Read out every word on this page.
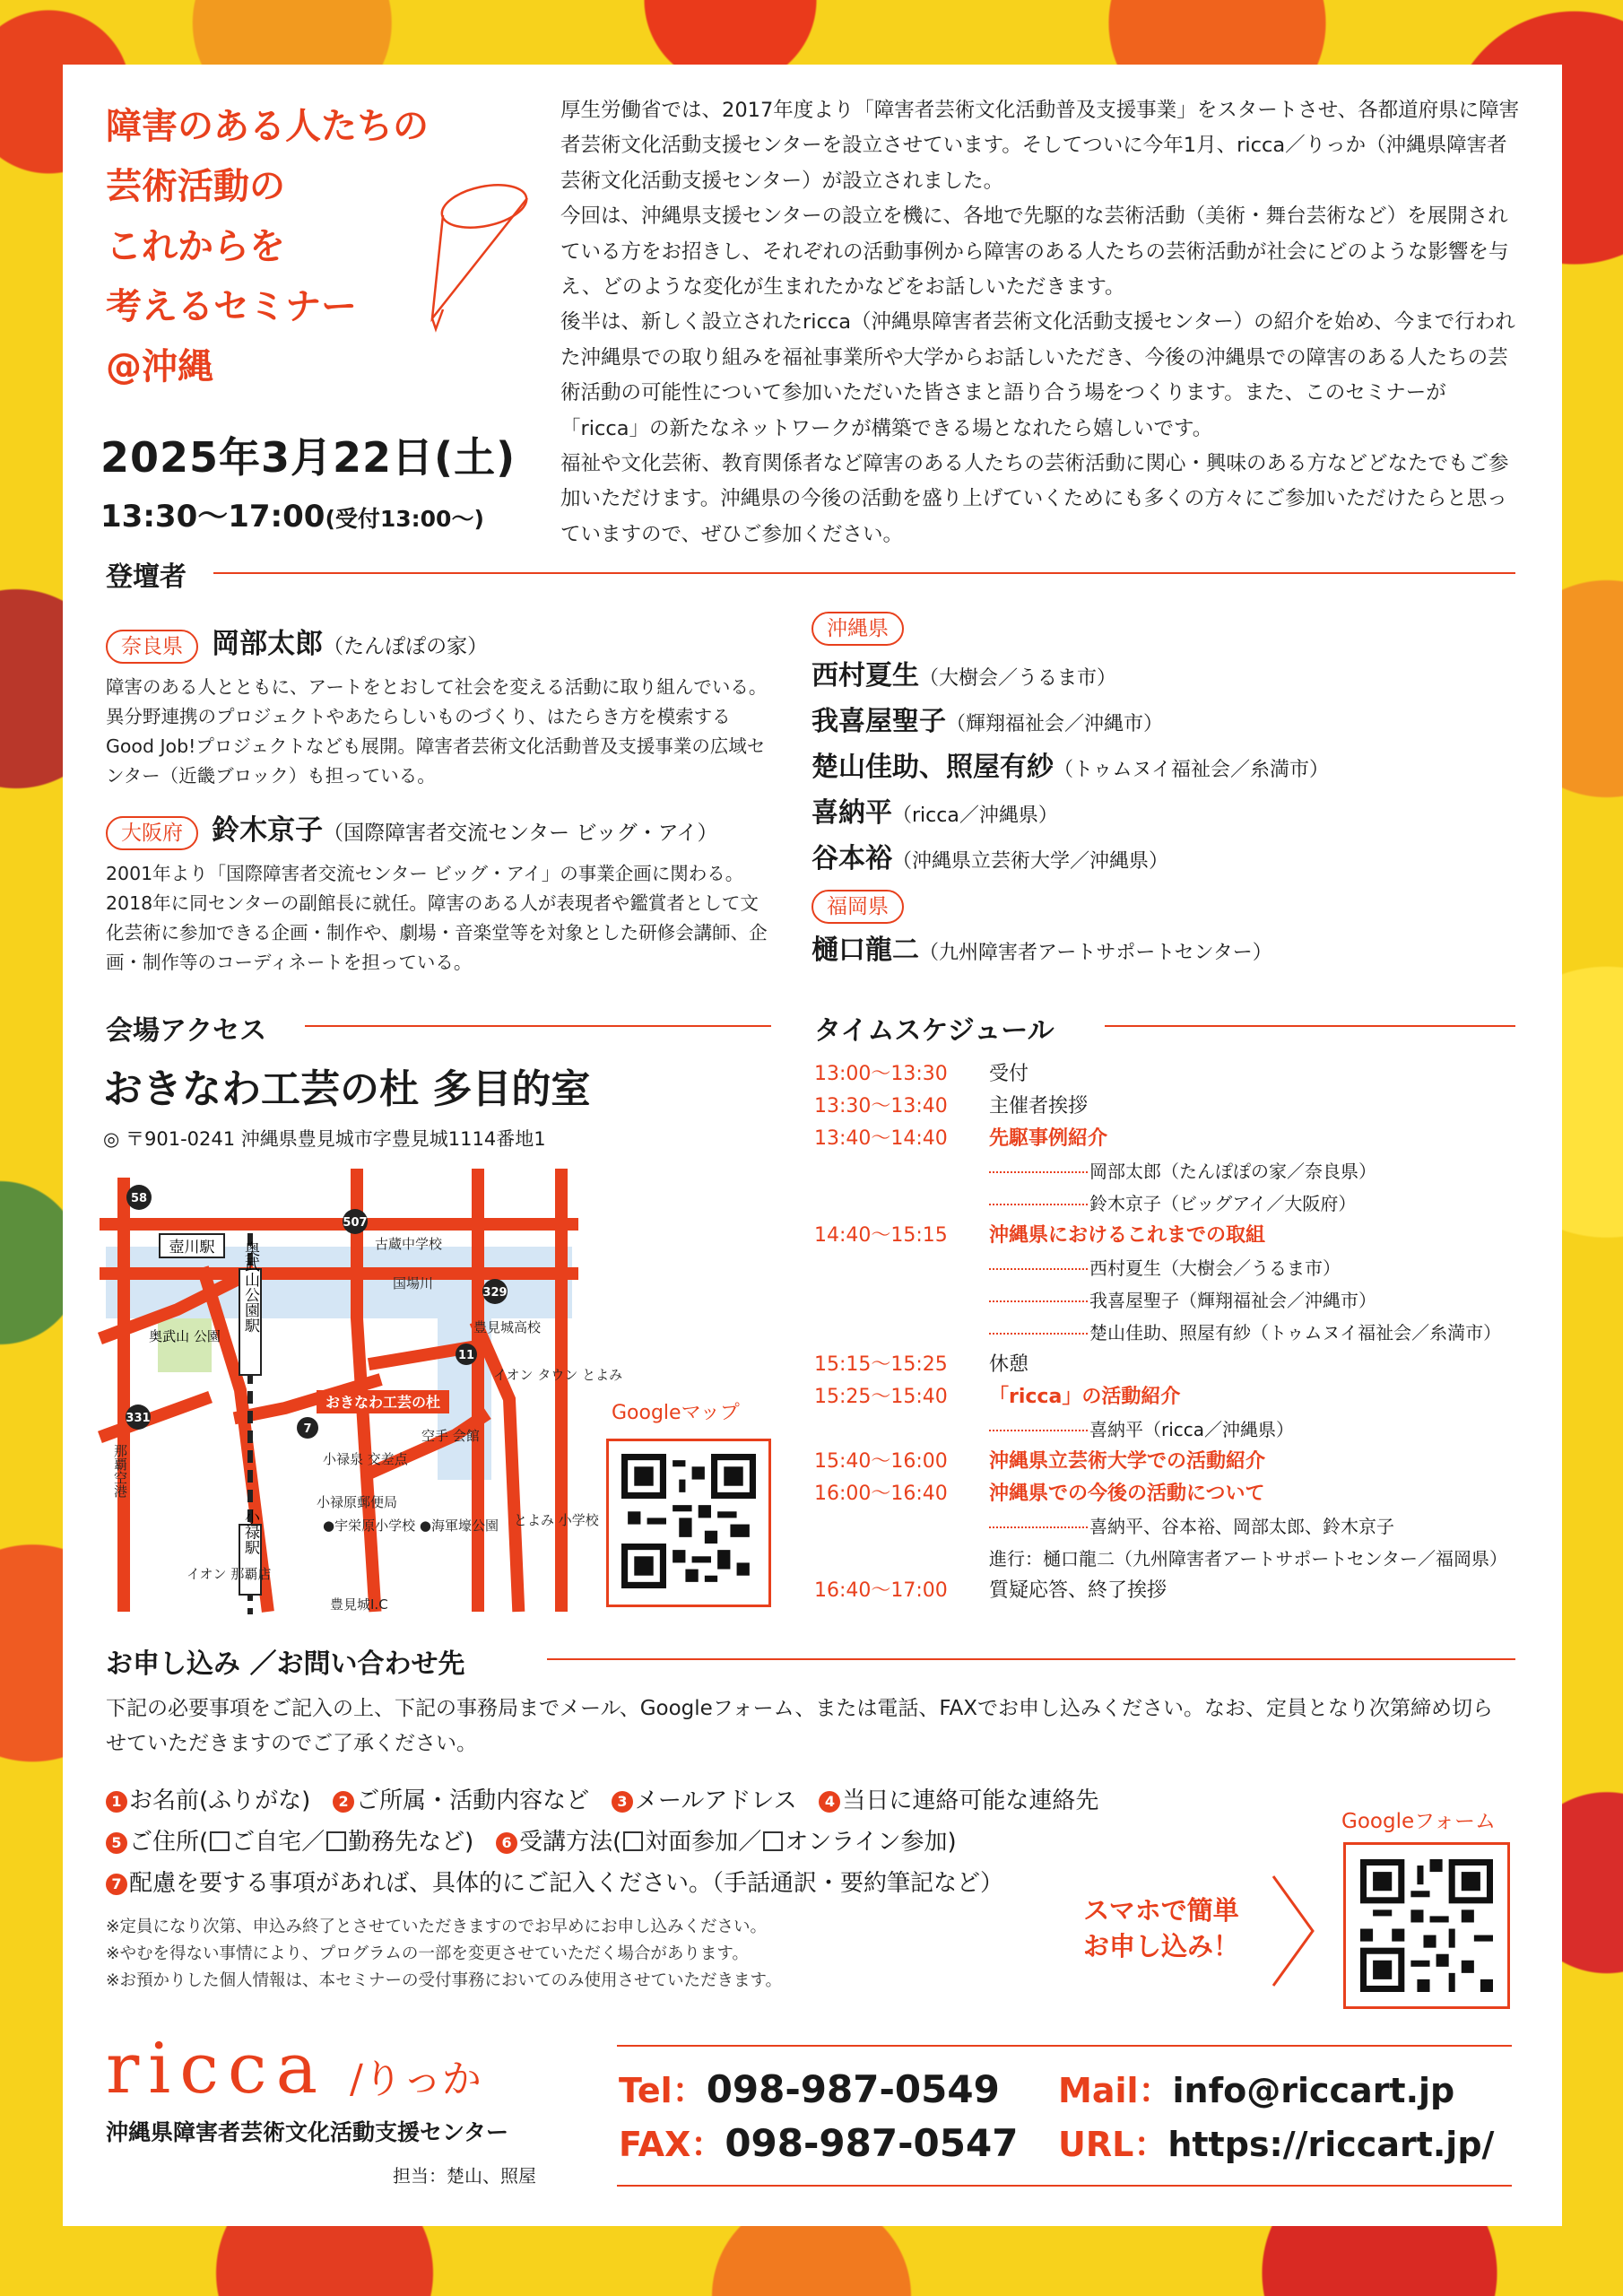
障害のある人たちの
芸術活動の
これからを
考えるセミナー
@沖縄
2025年3月22日(土)
13:30〜17:00(受付13:00〜)

厚生労働省では、2017年度より「障害者芸術文化活動普及支援事業」をスタートさせ、各都道府県に障害者芸術文化活動支援センターを設立させています。そしてついに今年1月、ricca／りっか（沖縄県障害者芸術文化活動支援センター）が設立されました。

今回は、沖縄県支援センターの設立を機に、各地で先駆的な芸術活動（美術・舞台芸術など）を展開されている方をお招きし、それぞれの活動事例から障害のある人たちの芸術活動が社会にどのような影響を与え、どのような変化が生まれたかなどをお話しいただきます。

後半は、新しく設立されたricca（沖縄県障害者芸術文化活動支援センター）の紹介を始め、今まで行われた沖縄県での取り組みを福祉事業所や大学からお話しいただき、今後の沖縄県での障害のある人たちの芸術活動の可能性について参加いただいた皆さまと語り合う場をつくります。また、このセミナーが「ricca」の新たなネットワークが構築できる場となれたら嬉しいです。

福祉や文化芸術、教育関係者など障害のある人たちの芸術活動に関心・興味のある方などどなたでもご参加いただけます。沖縄県の今後の活動を盛り上げていくためにも多くの方々にご参加いただけたらと思っていますので、ぜひご参加ください。

登壇者
奈良県 岡部太郎（たんぽぽの家）
障害のある人とともに、アートをとおして社会を変える活動に取り組んでいる。異分野連携のプロジェクトやあたらしいものづくり、はたらき方を模索するGood Job!プロジェクトなども展開。障害者芸術文化活動普及支援事業の広域センター（近畿ブロック）も担っている。
大阪府 鈴木京子（国際障害者交流センター ビッグ・アイ）
2001年より「国際障害者交流センター ビッグ・アイ」の事業企画に関わる。2018年に同センターの副館長に就任。障害のある人が表現者や鑑賞者として文化芸術に参加できる企画・制作や、劇場・音楽堂等を対象とした研修会講師、企画・制作等のコーディネートを担っている。
沖縄県
西村夏生（大樹会／うるま市）
我喜屋聖子（輝翔福祉会／沖縄市）
楚山佳助、照屋有紗（トゥムヌイ福祉会／糸満市）
喜納平（ricca／沖縄県）
谷本裕（沖縄県立芸術大学／沖縄県）
福岡県
樋口龍二（九州障害者アートサポートセンター）
会場アクセス
おきなわ工芸の杜 多目的室
◎ 〒901-0241 沖縄県豊見城市字豊見城1114番地1
壺川駅 奥武山公園駅
小禄駅
奥武山 公園
古蔵中学校
国場川
豊見城高校
イオン タウン とよみ
小禄泉 交差点
空手 会館
小禄原郵便局
●宇栄原小学校 ●海軍壕公園 とよみ 小学校
イオン 那覇店
豊見城I.C
那覇空港
おきなわ工芸の杜
58
507
329
11
331
7
Googleマップ
タイムスケジュール
13:00〜13:30	受付
13:30〜13:40	主催者挨拶
13:40〜14:40	先駆事例紹介
岡部太郎（たんぽぽの家／奈良県）
鈴木京子（ビッグアイ／大阪府）
14:40〜15:15	沖縄県におけるこれまでの取組
西村夏生（大樹会／うるま市）
我喜屋聖子（輝翔福祉会／沖縄市）
楚山佳助、照屋有紗（トゥムヌイ福祉会／糸満市）
15:15〜15:25	休憩
15:25〜15:40	「ricca」の活動紹介
喜納平（ricca／沖縄県）
15:40〜16:00	沖縄県立芸術大学での活動紹介
16:00〜16:40	沖縄県での今後の活動について
喜納平、谷本裕、岡部太郎、鈴木京子
進行：樋口龍二（九州障害者アートサポートセンター／福岡県）
16:40〜17:00	質疑応答、終了挨拶
お申し込み ／お問い合わせ先
下記の必要事項をご記入の上、下記の事務局までメール、Googleフォーム、または電話、FAXでお申し込みください。なお、定員となり次第締め切らせていただきますのでご了承ください。
1 お名前(ふりがな) 2 ご所属・活動内容など 3 メールアドレス 4 当日に連絡可能な連絡先
5 ご住所( ご自宅／ 勤務先など) 6 受講方法( 対面参加／ オンライン参加)
7 配慮を要する事項があれば、具体的にご記入ください。（手話通訳・要約筆記など）
※定員になり次第、申込み終了とさせていただきますのでお早めにお申し込みください。
※やむを得ない事情により、プログラムの一部を変更させていただく場合があります。
※お預かりした個人情報は、本セミナーの受付事務においてのみ使用させていただきます。
スマホで簡単
お申し込み！
Googleフォーム
ricca /りっか
沖縄県障害者芸術文化活動支援センター
担当：楚山、照屋
Tel：098-987-0549
FAX：098-987-0547
Mail：info@riccart.jp
URL：https://riccart.jp/
